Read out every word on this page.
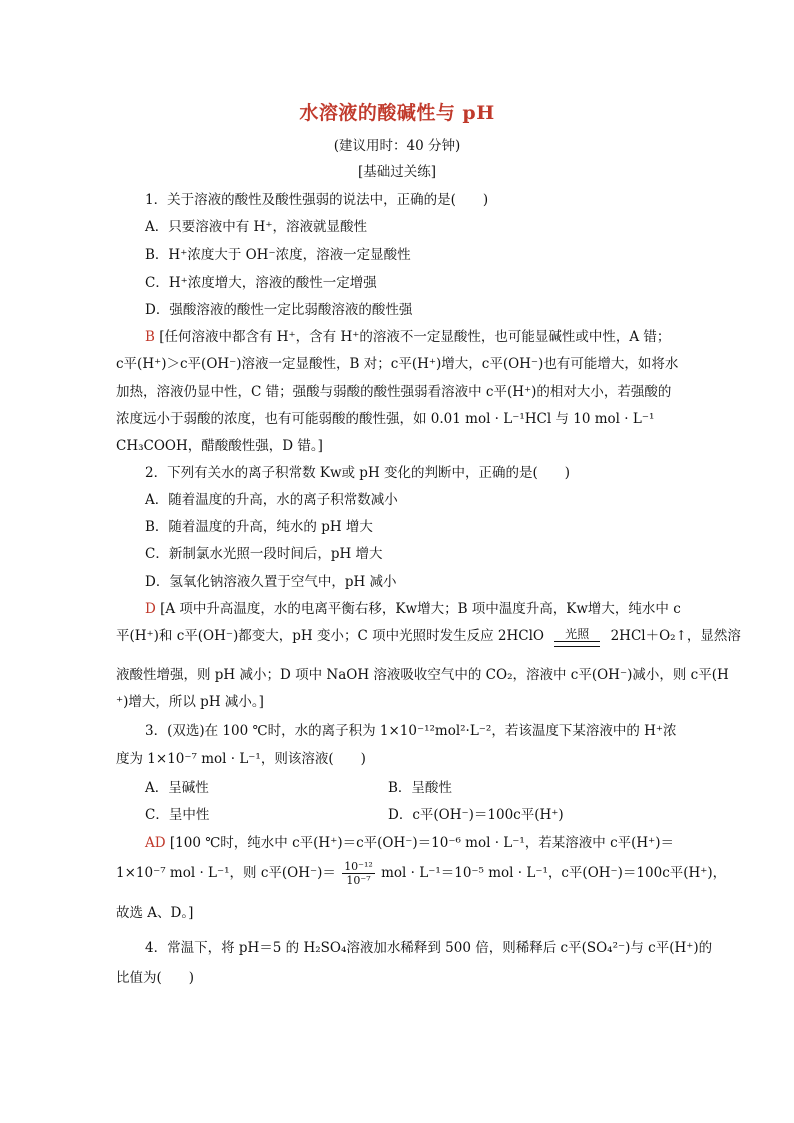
水溶液的酸碱性与 pH
(建议用时：40 分钟)
[基础过关练]
1．关于溶液的酸性及酸性强弱的说法中，正确的是(　　)
A．只要溶液中有 H⁺，溶液就显酸性
B．H⁺浓度大于 OH⁻浓度，溶液一定显酸性
C．H⁺浓度增大，溶液的酸性一定增强
D．强酸溶液的酸性一定比弱酸溶液的酸性强
B [任何溶液中都含有 H⁺，含有 H⁺的溶液不一定显酸性，也可能显碱性或中性，A 错；
c平(H⁺)＞c平(OH⁻)溶液一定显酸性，B 对；c平(H⁺)增大，c平(OH⁻)也有可能增大，如将水
加热，溶液仍显中性，C 错；强酸与弱酸的酸性强弱看溶液中 c平(H⁺)的相对大小，若强酸的
浓度远小于弱酸的浓度，也有可能弱酸的酸性强，如 0.01 mol · L⁻¹HCl 与 10 mol · L⁻¹
CH₃COOH，醋酸酸性强，D 错。]
2．下列有关水的离子积常数 Kw或 pH 变化的判断中，正确的是(　　)
A．随着温度的升高，水的离子积常数减小
B．随着温度的升高，纯水的 pH 增大
C．新制氯水光照一段时间后，pH 增大
D．氢氧化钠溶液久置于空气中，pH 减小
D [A 项中升高温度，水的电离平衡右移，Kw增大；B 项中温度升高，Kw增大，纯水中 c
平(H⁺)和 c平(OH⁻)都变大，pH 变小；C 项中光照时发生反应 2HClO	光照	2HCl＋O₂↑，显然溶
液酸性增强，则 pH 减小；D 项中 NaOH 溶液吸收空气中的 CO₂，溶液中 c平(OH⁻)减小，则 c平(H
⁺)增大，所以 pH 减小。]
3．(双选)在 100 ℃时，水的离子积为 1×10⁻¹²mol²·L⁻²，若该温度下某溶液中的 H⁺浓
度为 1×10⁻⁷ mol · L⁻¹，则该溶液(　　)
A．呈碱性	B．呈酸性
C．呈中性	D．c平(OH⁻)＝100c平(H⁺)
AD [100 ℃时，纯水中 c平(H⁺)＝c平(OH⁻)＝10⁻⁶ mol · L⁻¹，若某溶液中 c平(H⁺)＝
1×10⁻⁷ mol · L⁻¹，则 c平$(OH^-)= \frac{\text{10⁻¹²}}{\text{10⁻⁷}}$ mol · L⁻¹＝10⁻⁵ mol · L⁻¹，c平(OH⁻)＝100c平(H⁺)，
故选 A、D。]
4．常温下，将 pH＝5 的 H₂SO₄溶液加水稀释到 500 倍，则稀释后 c平(SO₄²⁻)与 c平(H⁺)的
比值为(　　)
